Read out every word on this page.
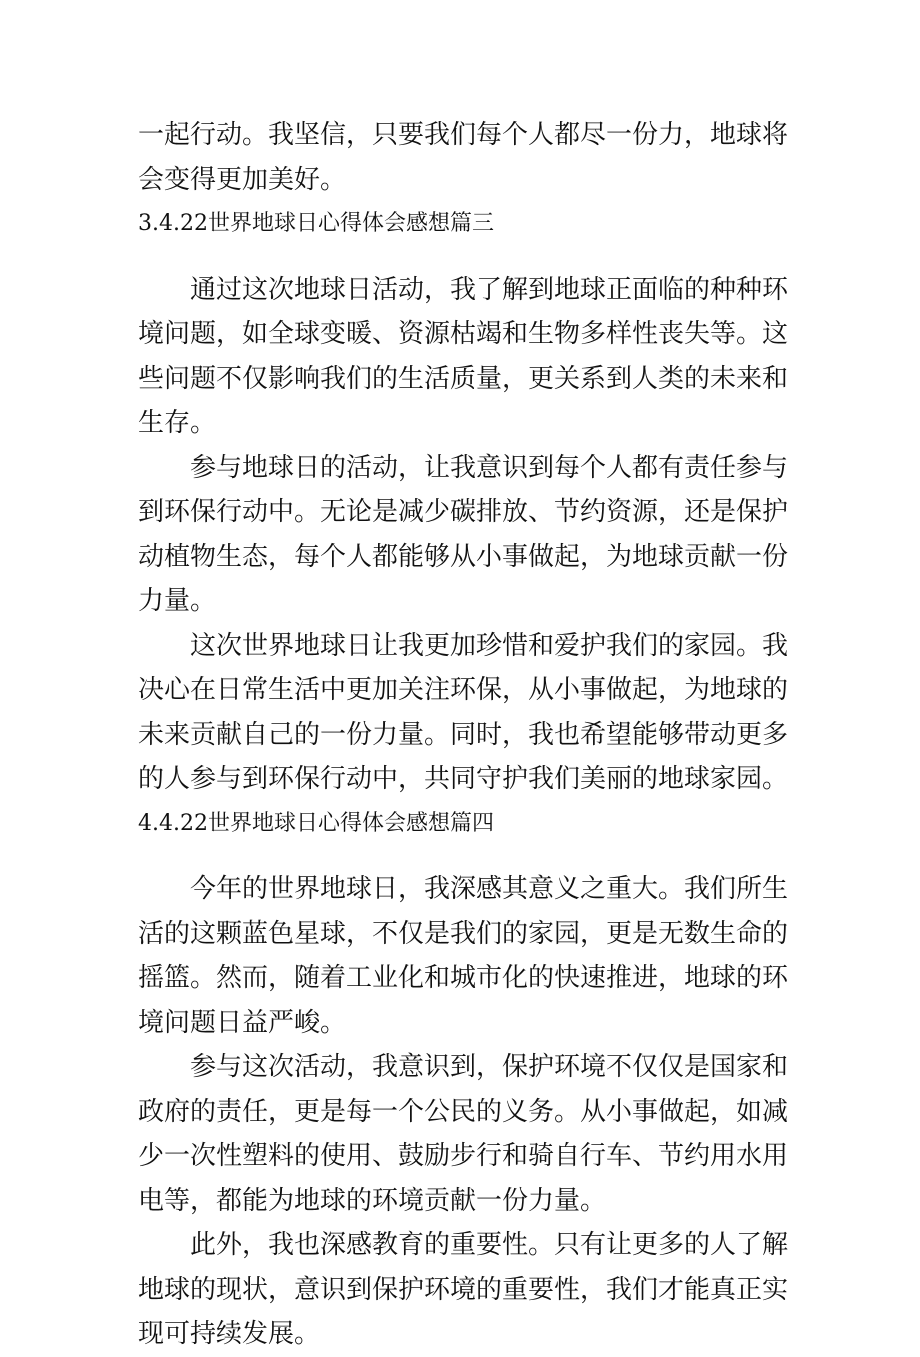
一起行动。我坚信，只要我们每个人都尽一份力，地球将会变得更加美好。

3.4.22世界地球日心得体会感想篇三

通过这次地球日活动，我了解到地球正面临的种种环境问题，如全球变暖、资源枯竭和生物多样性丧失等。这些问题不仅影响我们的生活质量，更关系到人类的未来和生存。

参与地球日的活动，让我意识到每个人都有责任参与到环保行动中。无论是减少碳排放、节约资源，还是保护动植物生态，每个人都能够从小事做起，为地球贡献一份力量。

这次世界地球日让我更加珍惜和爱护我们的家园。我决心在日常生活中更加关注环保，从小事做起，为地球的未来贡献自己的一份力量。同时，我也希望能够带动更多的人参与到环保行动中，共同守护我们美丽的地球家园。

4.4.22世界地球日心得体会感想篇四

今年的世界地球日，我深感其意义之重大。我们所生活的这颗蓝色星球，不仅是我们的家园，更是无数生命的摇篮。然而，随着工业化和城市化的快速推进，地球的环境问题日益严峻。

参与这次活动，我意识到，保护环境不仅仅是国家和政府的责任，更是每一个公民的义务。从小事做起，如减少一次性塑料的使用、鼓励步行和骑自行车、节约用水用电等，都能为地球的环境贡献一份力量。

此外，我也深感教育的重要性。只有让更多的人了解地球的现状，意识到保护环境的重要性，我们才能真正实现可持续发展。
